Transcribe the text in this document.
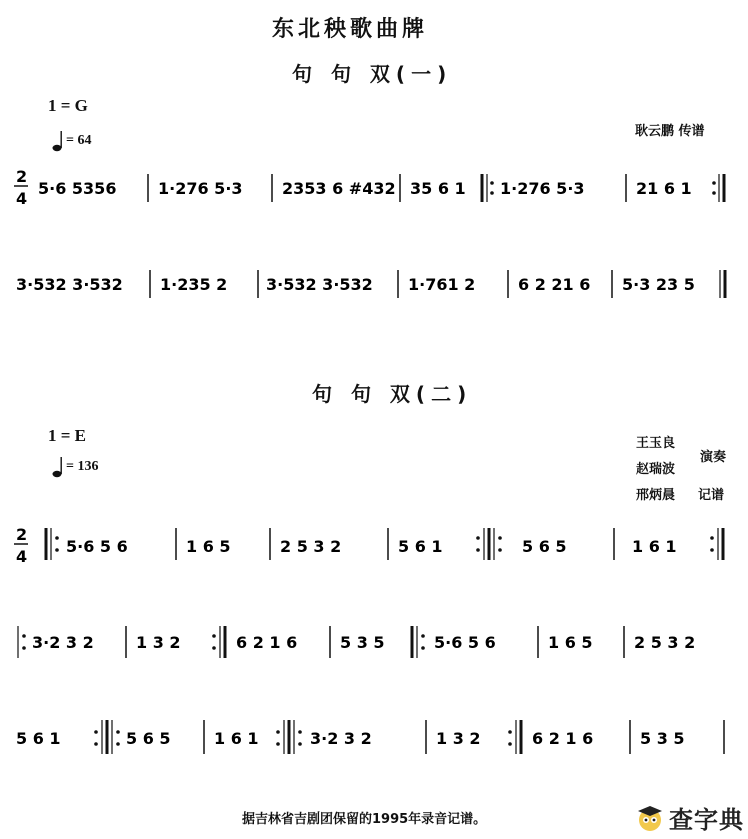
东北秧歌曲牌
句 句 双(一)
1 = G
= 64
耿云鹏 传谱
2
4
5·6 5356	1·276 5·3 2353 6 #432 35 6 1 1·276 5·3	21 6 1
3·532 3·532 1·235 2 3·532 3·532 1·761 2	6 2 21 6 5·3 23 5
句 句 双(二)
1 = E
= 136
王玉良
赵瑞波
演奏
邢炳晨 记谱
2
4
5·6 5 6	1 6 5	2 5 3 2	5 6 1	5 6 5	1 6 1
3·2 3 2	1 3 2	6 2 1 6	5 3 5	5·6 5 6	1 6 5	2 5 3 2
5 6 1	5 6 5	1 6 1	3·2 3 2	1 3 2	6 2 1 6	5 3 5
据吉林省吉剧团保留的1995年录音记谱。	查字典
